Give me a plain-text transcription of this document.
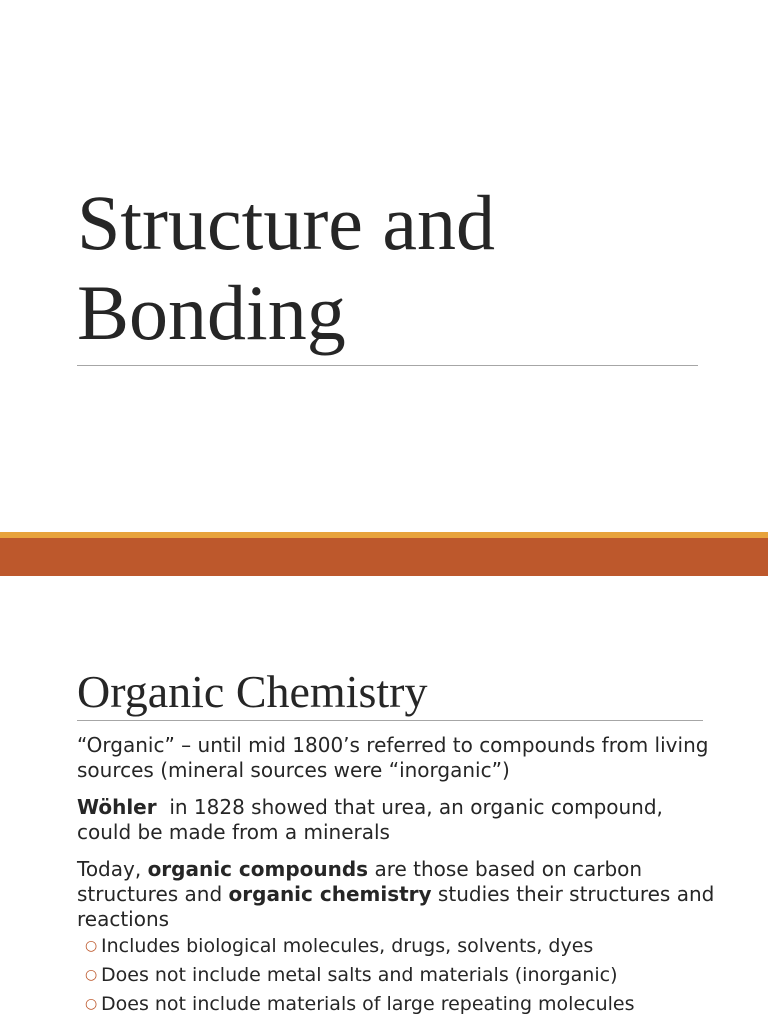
Structure and
Bonding
Organic Chemistry

“Organic” – until mid 1800’s referred to compounds from living sources (mineral sources were “inorganic”)

Wöhler  in 1828 showed that urea, an organic compound, could be made from a minerals

Today, organic compounds are those based on carbon structures and organic chemistry studies their structures and reactions

○ Includes biological molecules, drugs, solvents, dyes
○ Does not include metal salts and materials (inorganic)
○ Does not include materials of large repeating molecules
